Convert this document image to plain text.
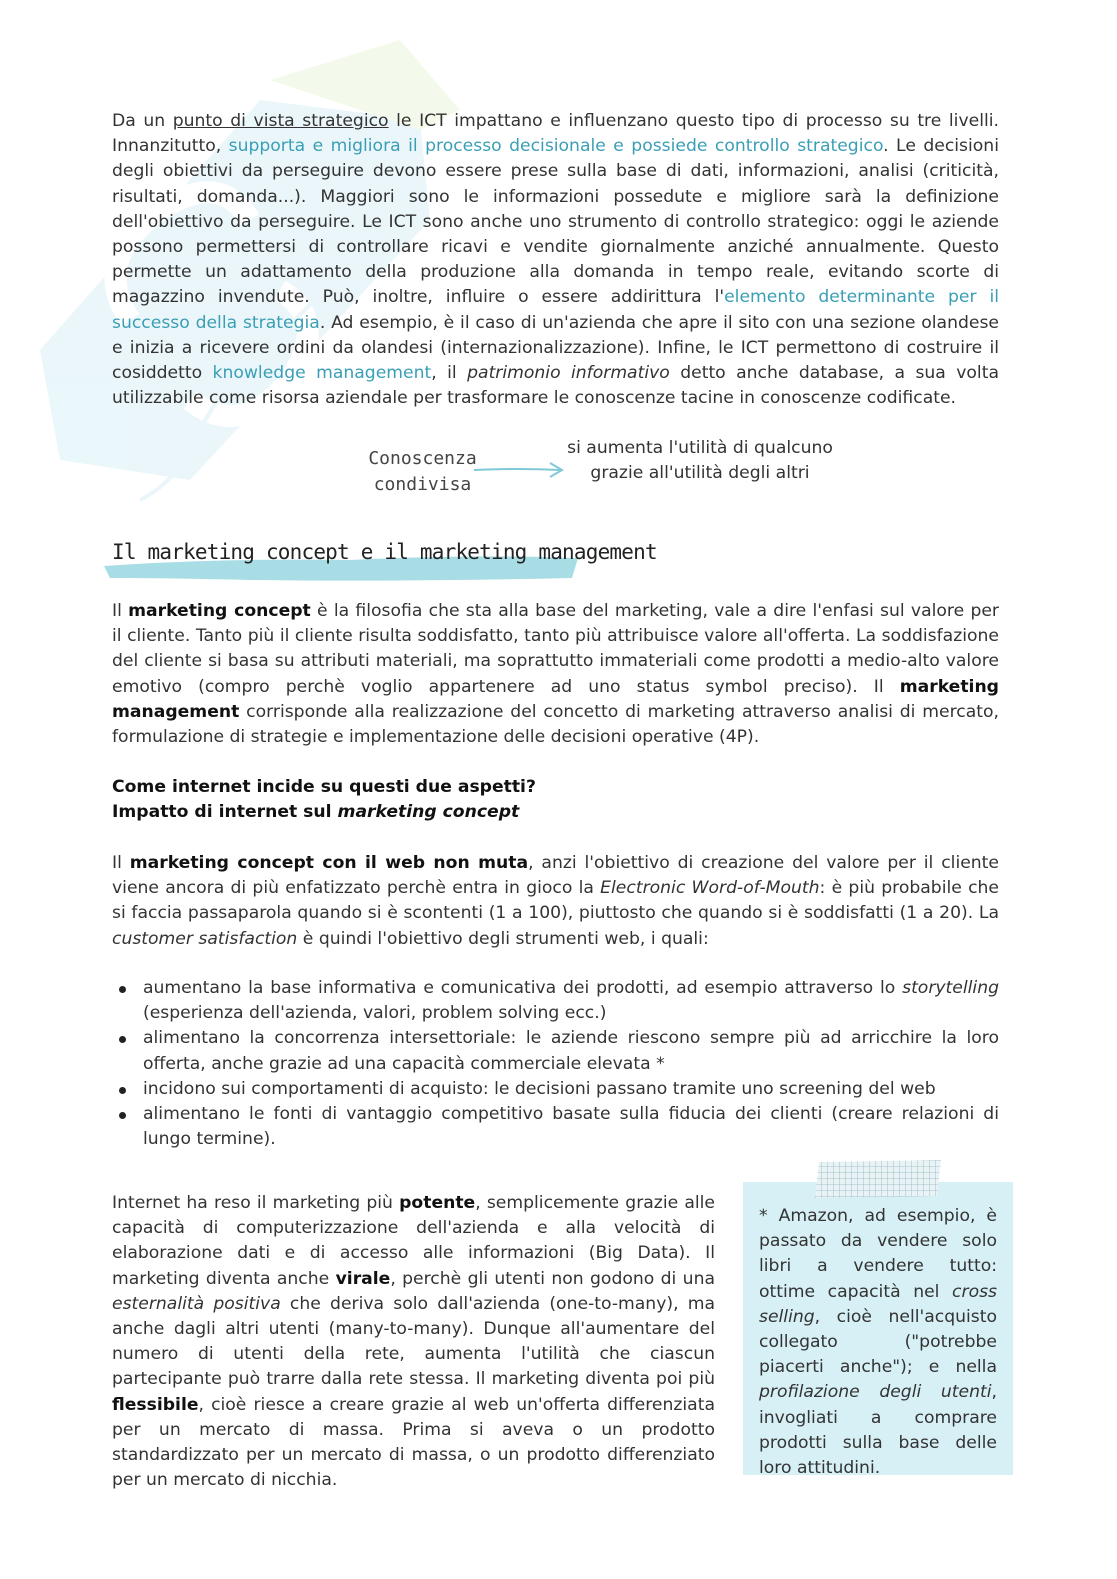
Da un punto di vista strategico le ICT impattano e influenzano questo tipo di processo su tre livelli. Innanzitutto, supporta e migliora il processo decisionale e possiede controllo strategico. Le decisioni degli obiettivi da perseguire devono essere prese sulla base di dati, informazioni, analisi (criticità, risultati, domanda...). Maggiori sono le informazioni possedute e migliore sarà la definizione dell'obiettivo da perseguire. Le ICT sono anche uno strumento di controllo strategico: oggi le aziende possono permettersi di controllare ricavi e vendite giornalmente anziché annualmente. Questo permette un adattamento della produzione alla domanda in tempo reale, evitando scorte di magazzino invendute. Può, inoltre, influire o essere addirittura l'elemento determinante per il successo della strategia. Ad esempio, è il caso di un'azienda che apre il sito con una sezione olandese e inizia a ricevere ordini da olandesi (internazionalizzazione). Infine, le ICT permettono di costruire il cosiddetto knowledge management, il patrimonio informativo detto anche database, a sua volta utilizzabile come risorsa aziendale per trasformare le conoscenze tacine in conoscenze codificate.

Conoscenza
condivisa
si aumenta l'utilità di qualcuno
grazie all'utilità degli altri
Il marketing concept e il marketing management

Il marketing concept è la filosofia che sta alla base del marketing, vale a dire l'enfasi sul valore per il cliente. Tanto più il cliente risulta soddisfatto, tanto più attribuisce valore all'offerta. La soddisfazione del cliente si basa su attributi materiali, ma soprattutto immateriali come prodotti a medio-alto valore emotivo (compro perchè voglio appartenere ad uno status symbol preciso). Il marketing management corrisponde alla realizzazione del concetto di marketing attraverso analisi di mercato, formulazione di strategie e implementazione delle decisioni operative (4P).

Come internet incide su questi due aspetti?

Impatto di internet sul marketing concept

Il marketing concept con il web non muta, anzi l'obiettivo di creazione del valore per il cliente viene ancora di più enfatizzato perchè entra in gioco la Electronic Word-of-Mouth: è più probabile che si faccia passaparola quando si è scontenti (1 a 100), piuttosto che quando si è soddisfatti (1 a 20). La customer satisfaction è quindi l'obiettivo degli strumenti web, i quali:

aumentano la base informativa e comunicativa dei prodotti, ad esempio attraverso lo storytelling (esperienza dell'azienda, valori, problem solving ecc.)
alimentano la concorrenza intersettoriale: le aziende riescono sempre più ad arricchire la loro offerta, anche grazie ad una capacità commerciale elevata *
incidono sui comportamenti di acquisto: le decisioni passano tramite uno screening del web
alimentano le fonti di vantaggio competitivo basate sulla fiducia dei clienti (creare relazioni di lungo termine).

Internet ha reso il marketing più potente, semplicemente grazie alle capacità di computerizzazione dell'azienda e alla velocità di elaborazione dati e di accesso alle informazioni (Big Data). Il marketing diventa anche virale, perchè gli utenti non godono di una esternalità positiva che deriva solo dall'azienda (one-to-many), ma anche dagli altri utenti (many-to-many). Dunque all'aumentare del numero di utenti della rete, aumenta l'utilità che ciascun partecipante può trarre dalla rete stessa. Il marketing diventa poi più flessibile, cioè riesce a creare grazie al web un'offerta differenziata per un mercato di massa. Prima si aveva o un prodotto standardizzato per un mercato di massa, o un prodotto differenziato per un mercato di nicchia.

* Amazon, ad esempio, è passato da vendere solo libri a vendere tutto: ottime capacità nel cross selling, cioè nell'acquisto collegato ("potrebbe piacerti anche"); e nella profilazione degli utenti, invogliati a comprare prodotti sulla base delle loro attitudini.
